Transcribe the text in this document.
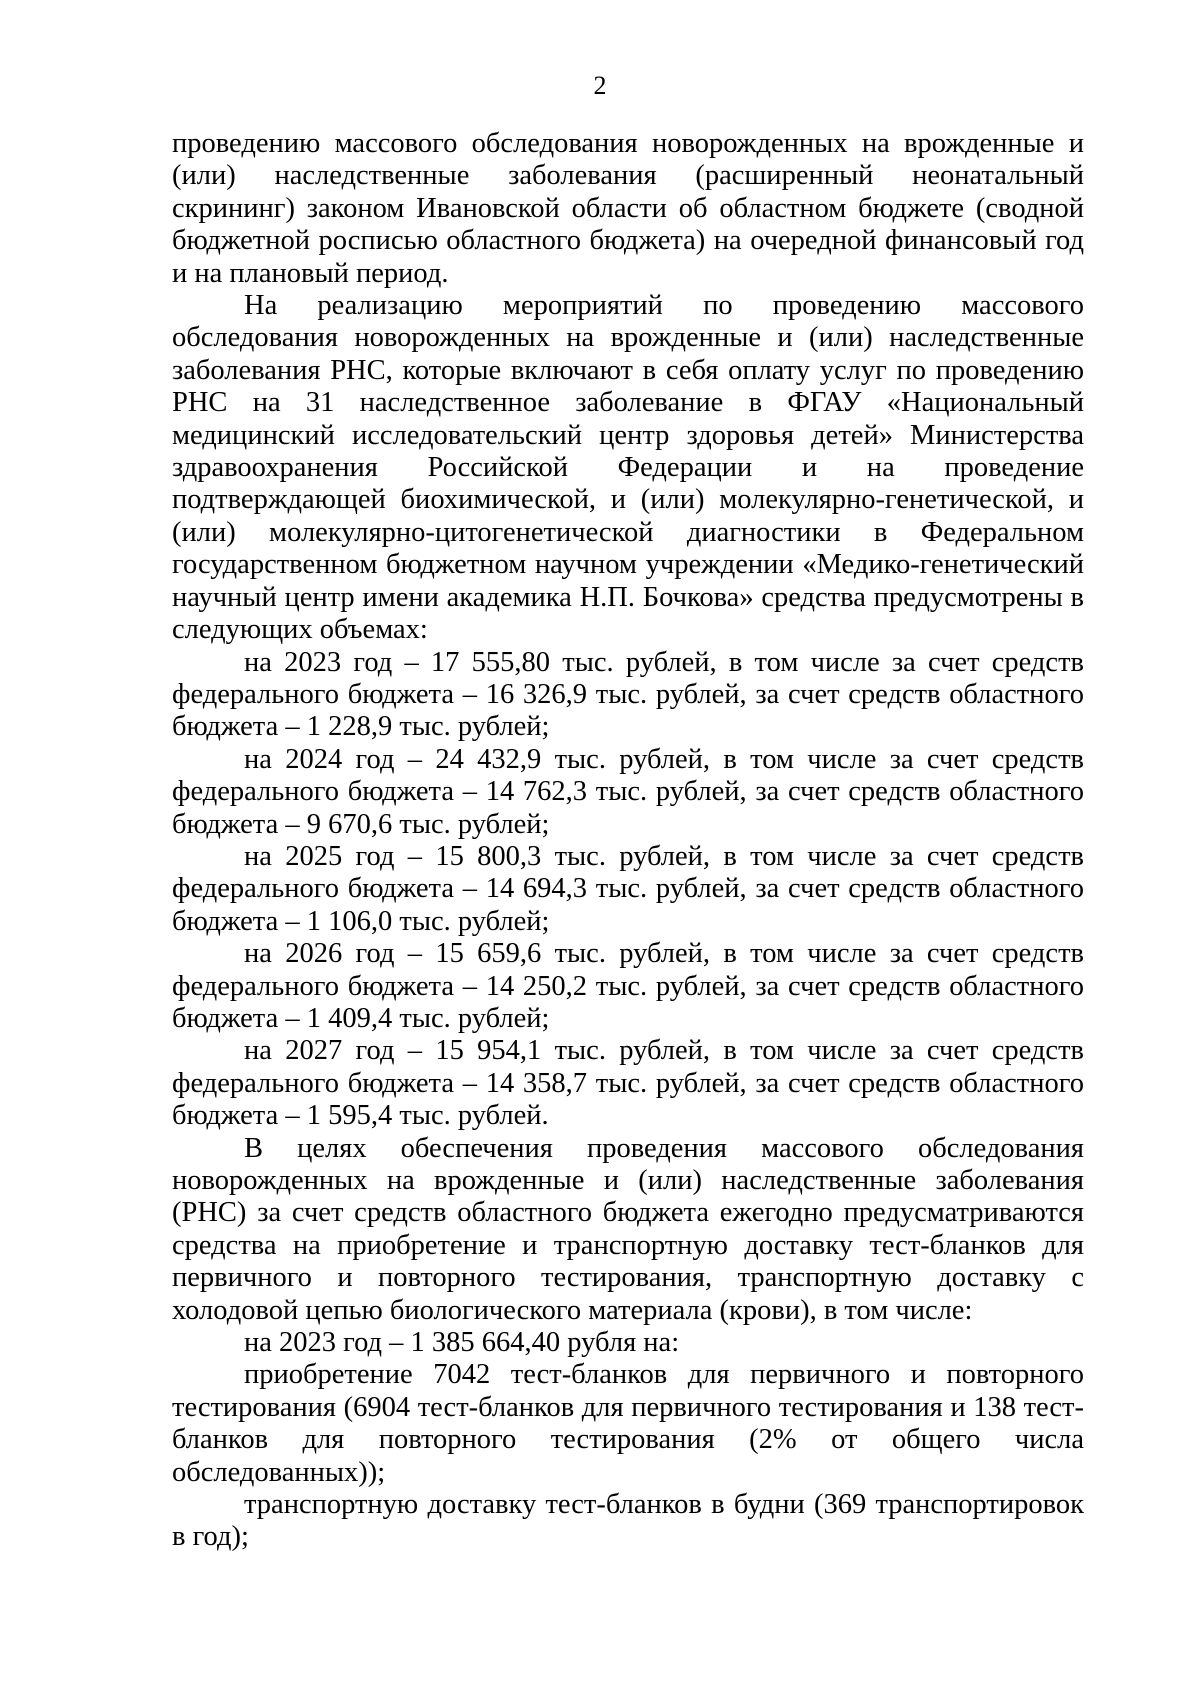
2

проведению массового обследования новорожденных на врожденные и (или) наследственные заболевания (расширенный неонатальный скрининг) законом Ивановской области об областном бюджете (сводной бюджетной росписью областного бюджета) на очередной финансовый год и на плановый период.

На реализацию мероприятий по проведению массового обследования новорожденных на врожденные и (или) наследственные заболевания РНС, которые включают в себя оплату услуг по проведению РНС на 31 наследственное заболевание в ФГАУ «Национальный медицинский исследовательский центр здоровья детей» Министерства здравоохранения Российской Федерации и на проведение подтверждающей биохимической, и (или) молекулярно-генетической, и (или) молекулярно-цитогенетической диагностики в Федеральном государственном бюджетном научном учреждении «Медико-генетический научный центр имени академика Н.П. Бочкова» средства предусмотрены в следующих объемах:

на 2023 год – 17 555,80 тыс. рублей, в том числе за счет средств федерального бюджета – 16 326,9 тыс. рублей, за счет средств областного бюджета – 1 228,9 тыс. рублей;

на 2024 год – 24 432,9 тыс. рублей, в том числе за счет средств федерального бюджета – 14 762,3 тыс. рублей, за счет средств областного бюджета – 9 670,6 тыс. рублей;

на 2025 год – 15 800,3 тыс. рублей, в том числе за счет средств федерального бюджета – 14 694,3 тыс. рублей, за счет средств областного бюджета – 1 106,0 тыс. рублей;

на 2026 год – 15 659,6 тыс. рублей, в том числе за счет средств федерального бюджета – 14 250,2 тыс. рублей, за счет средств областного бюджета – 1 409,4 тыс. рублей;

на 2027 год – 15 954,1 тыс. рублей, в том числе за счет средств федерального бюджета – 14 358,7 тыс. рублей, за счет средств областного бюджета – 1 595,4 тыс. рублей.

В целях обеспечения проведения массового обследования новорожденных на врожденные и (или) наследственные заболевания (РНС) за счет средств областного бюджета ежегодно предусматриваются средства на приобретение и транспортную доставку тест-бланков для первичного и повторного тестирования, транспортную доставку с холодовой цепью биологического материала (крови), в том числе:

на 2023 год – 1 385 664,40 рубля на:

приобретение 7042 тест-бланков для первичного и повторного тестирования (6904 тест-бланков для первичного тестирования и 138 тест-бланков для повторного тестирования (2% от общего числа обследованных));

транспортную доставку тест-бланков в будни (369 транспортировок в год);
